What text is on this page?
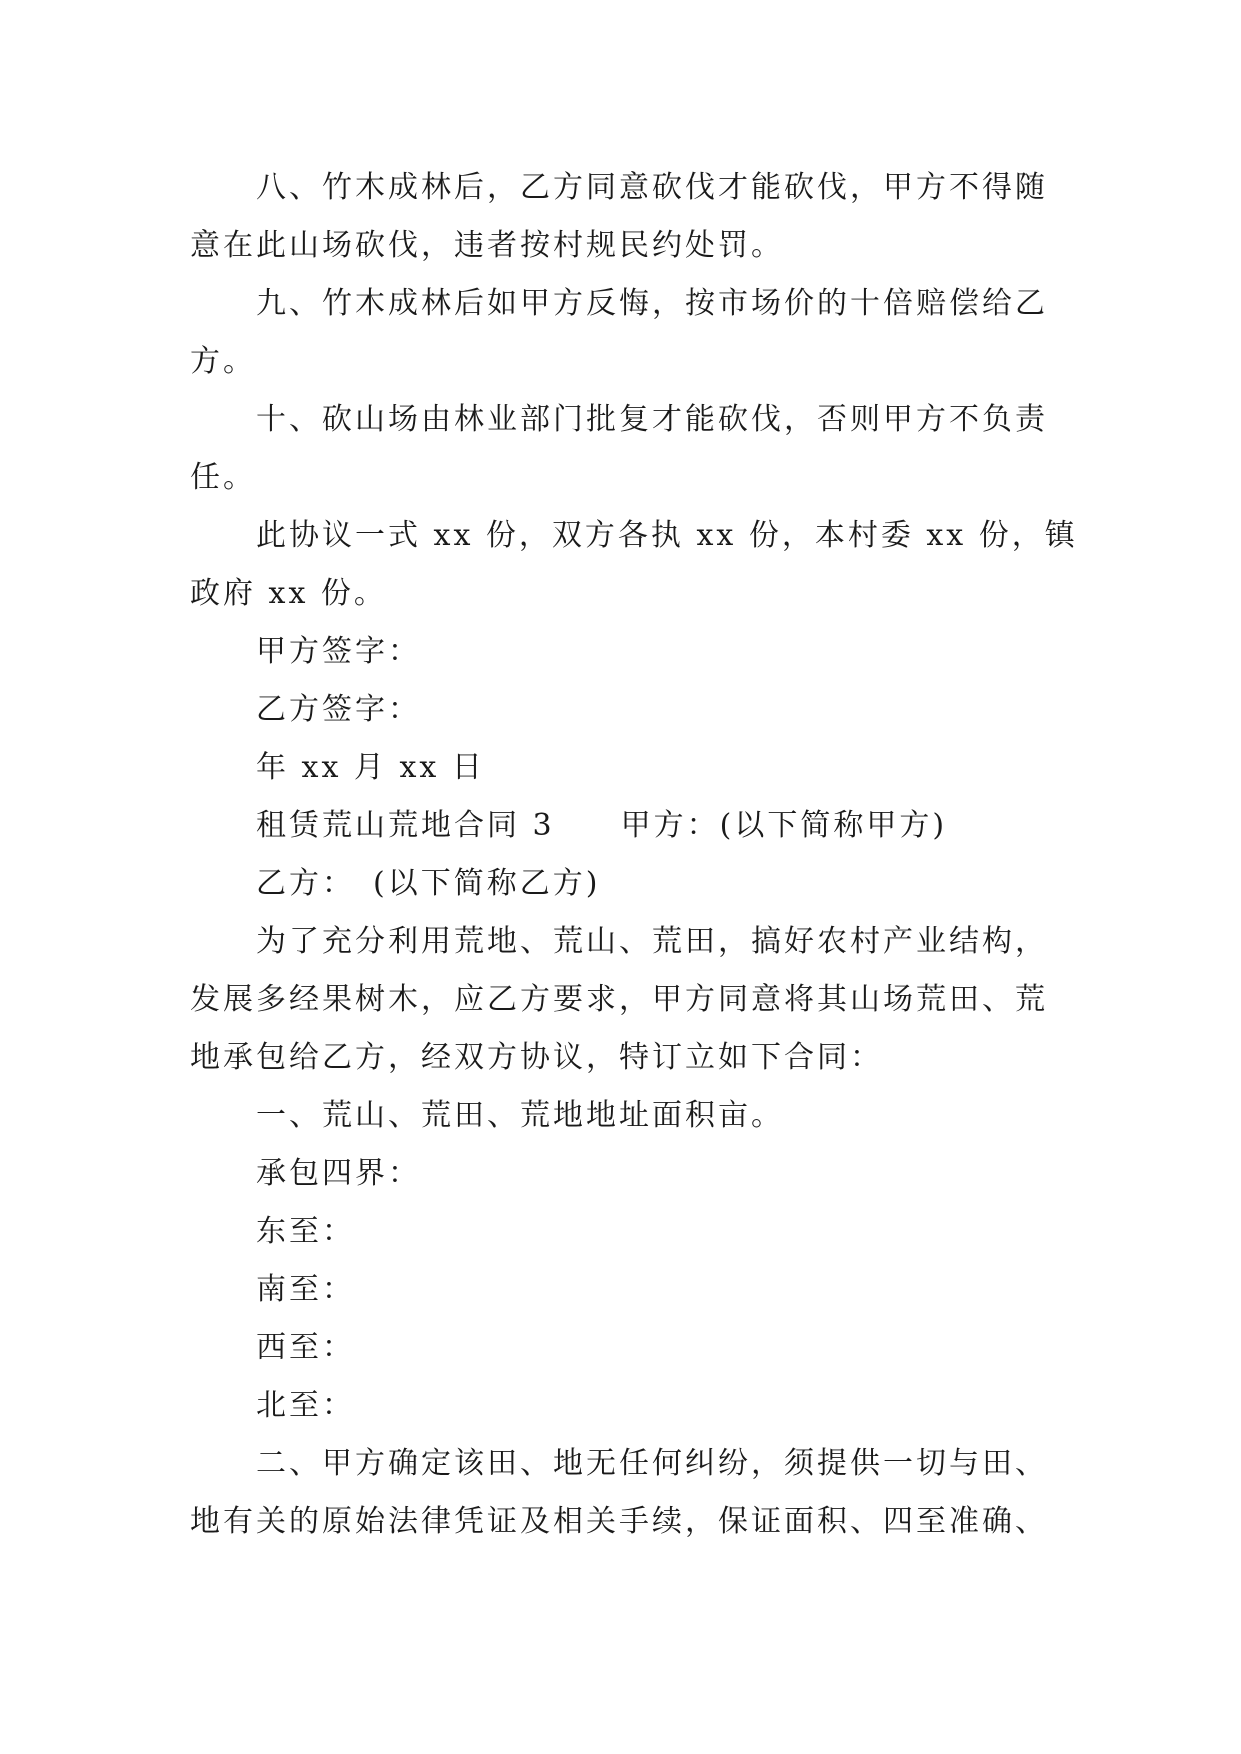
八、竹木成林后，乙方同意砍伐才能砍伐，甲方不得随
意在此山场砍伐，违者按村规民约处罚。
九、竹木成林后如甲方反悔，按市场价的十倍赔偿给乙
方。
十、砍山场由林业部门批复才能砍伐，否则甲方不负责
任。
此协议一式 xx 份，双方各执 xx 份，本村委 xx 份，镇
政府 xx 份。
甲方签字：
乙方签字：
年 xx 月 xx 日
租赁荒山荒地合同 3　　甲方：(以下简称甲方)
乙方：　(以下简称乙方)
为了充分利用荒地、荒山、荒田，搞好农村产业结构，
发展多经果树木，应乙方要求，甲方同意将其山场荒田、荒
地承包给乙方，经双方协议，特订立如下合同：
一、荒山、荒田、荒地地址面积亩。
承包四界：
东至：
南至：
西至：
北至：
二、甲方确定该田、地无任何纠纷，须提供一切与田、
地有关的原始法律凭证及相关手续，保证面积、四至准确、
